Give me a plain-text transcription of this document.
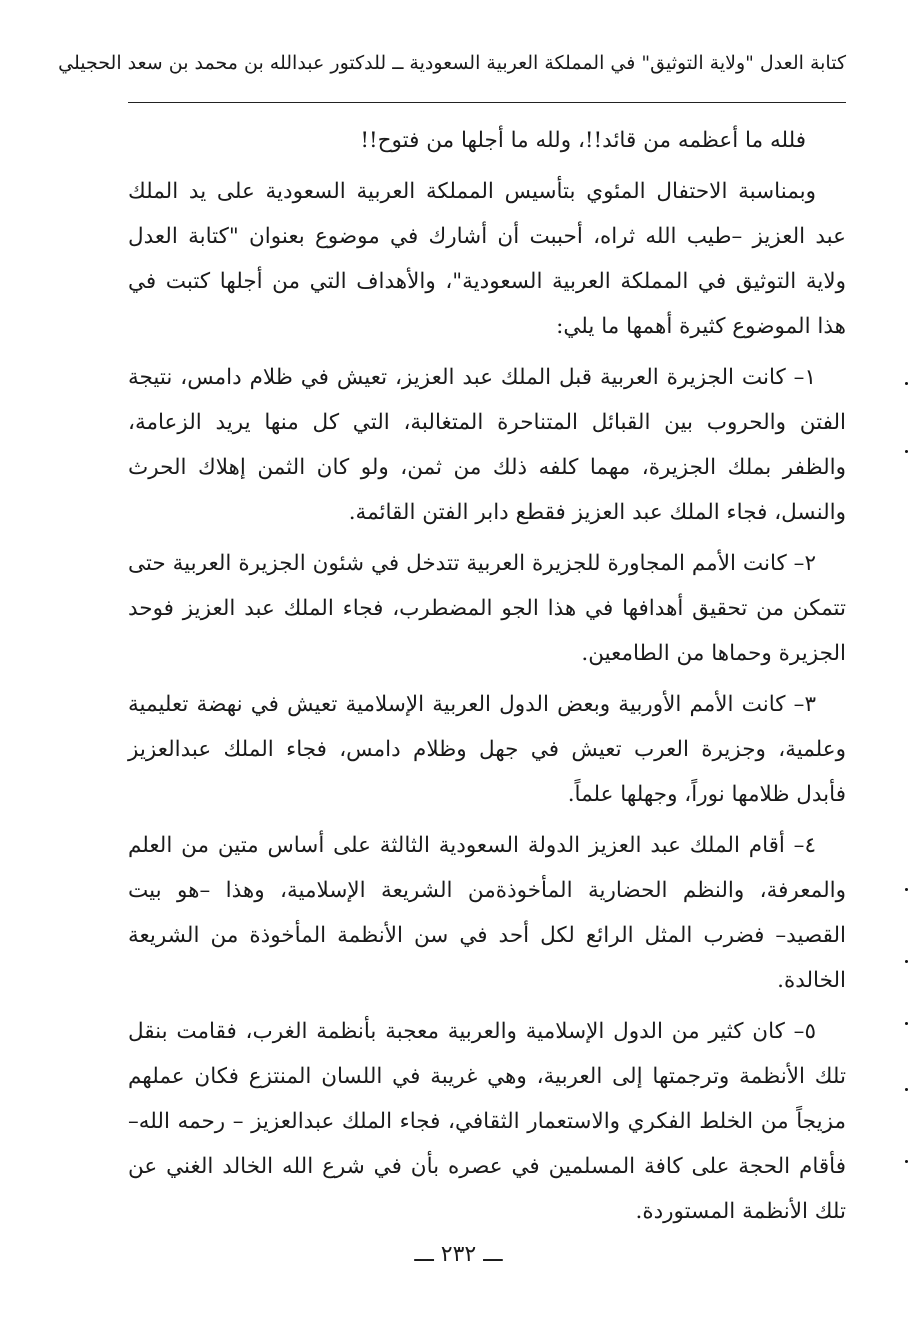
كتابة العدل "ولاية التوثيق" في المملكة العربية السعودية ــ للدكتور عبدالله بن محمد بن سعد الحجيلي

فلله ما أعظمه من قائد!!، ولله ما أجلها من فتوح!!

وبمناسبة الاحتفال المئوي بتأسيس المملكة العربية السعودية على يد الملك عبد العزيز –طيب الله ثراه، أحببت أن أشارك في موضوع بعنوان "كتابة العدل ولاية التوثيق في المملكة العربية السعودية"، والأهداف التي من أجلها كتبت في هذا الموضوع كثيرة أهمها ما يلي:

١– كانت الجزيرة العربية قبل الملك عبد العزيز، تعيش في ظلام دامس، نتيجة الفتن والحروب بين القبائل المتناحرة المتغالبة، التي كل منها يريد الزعامة، والظفر بملك الجزيرة، مهما كلفه ذلك من ثمن، ولو كان الثمن إهلاك الحرث والنسل، فجاء الملك عبد العزيز فقطع دابر الفتن القائمة.

٢– كانت الأمم المجاورة للجزيرة العربية تتدخل في شئون الجزيرة العربية حتى تتمكن من تحقيق أهدافها في هذا الجو المضطرب، فجاء الملك عبد العزيز فوحد الجزيرة وحماها من الطامعين.

٣– كانت الأمم الأوربية وبعض الدول العربية الإسلامية تعيش في نهضة تعليمية وعلمية، وجزيرة العرب تعيش في جهل وظلام دامس، فجاء الملك عبدالعزيز فأبدل ظلامها نوراً، وجهلها علماً.

٤– أقام الملك عبد العزيز الدولة السعودية الثالثة على أساس متين من العلم والمعرفة، والنظم الحضارية المأخوذةمن الشريعة الإسلامية، وهذا –هو بيت القصيد– فضرب المثل الرائع لكل أحد في سن الأنظمة المأخوذة من الشريعة الخالدة.

٥– كان كثير من الدول الإسلامية والعربية معجبة بأنظمة الغرب، فقامت بنقل تلك الأنظمة وترجمتها إلى العربية، وهي غريبة في اللسان المنتزع فكان عملهم مزيجاً من الخلط الفكري والاستعمار الثقافي، فجاء الملك عبدالعزيز – رحمه الله– فأقام الحجة على كافة المسلمين في عصره بأن في شرع الله الخالد الغني عن تلك الأنظمة المستوردة.

ـــ ٢٣٢ ـــ
